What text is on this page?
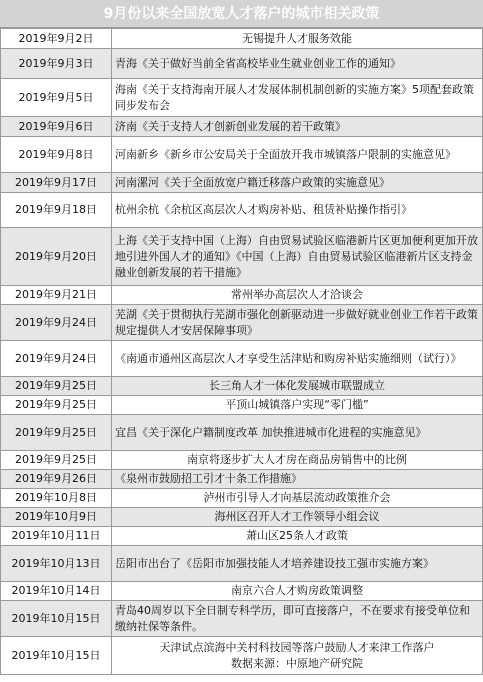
9月份以来全国放宽人才落户的城市相关政策
2019年9月2日	无锡提升人才服务效能

2019年9月3日	青海《关于做好当前全省高校毕业生就业创业工作的通知》

2019年9月5日	海南《关于支持海南开展人才发展体制机制创新的实施方案》5项配套政策同步发布会

2019年9月6日	济南《关于支持人才创新创业发展的若干政策》

2019年9月8日	河南新乡《新乡市公安局关于全面放开我市城镇落户限制的实施意见》

2019年9月17日	河南漯河《关于全面放宽户籍迁移落户政策的实施意见》

2019年9月18日	杭州余杭《余杭区高层次人才购房补贴、租赁补贴操作指引》

2019年9月20日	上海《关于支持中国（上海）自由贸易试验区临港新片区更加便利更加开放地引进外国人才的通知》《中国（上海）自由贸易试验区临港新片区支持金融业创新发展的若干措施》

2019年9月21日	常州举办高层次人才洽谈会

2019年9月24日	芜湖《关于贯彻执行芜湖市强化创新驱动进一步做好就业创业工作若干政策规定提供人才安居保障事项》

2019年9月24日	《南通市通州区高层次人才享受生活津贴和购房补贴实施细则（试行）》

2019年9月25日	长三角人才一体化发展城市联盟成立

2019年9月25日	平顶山城镇落户实现“零门槛”

2019年9月25日	宜昌《关于深化户籍制度改革 加快推进城市化进程的实施意见》

2019年9月25日	南京将逐步扩大人才房在商品房销售中的比例

2019年9月26日	《泉州市鼓励招工引才十条工作措施》

2019年10月8日	泸州市引导人才向基层流动政策推介会

2019年10月9日	海州区召开人才工作领导小组会议

2019年10月11日	萧山区25条人才政策

2019年10月13日	岳阳市出台了《岳阳市加强技能人才培养建设技工强市实施方案》

2019年10月14日	南京六合人才购房政策调整

2019年10月15日	青岛40周岁以下全日制专科学历，即可直接落户，不在要求有接受单位和缴纳社保等条件。

2019年10月15日	天津试点滨海中关村科技园等落户鼓励人才来津工作落户
数据来源：中原地产研究院
